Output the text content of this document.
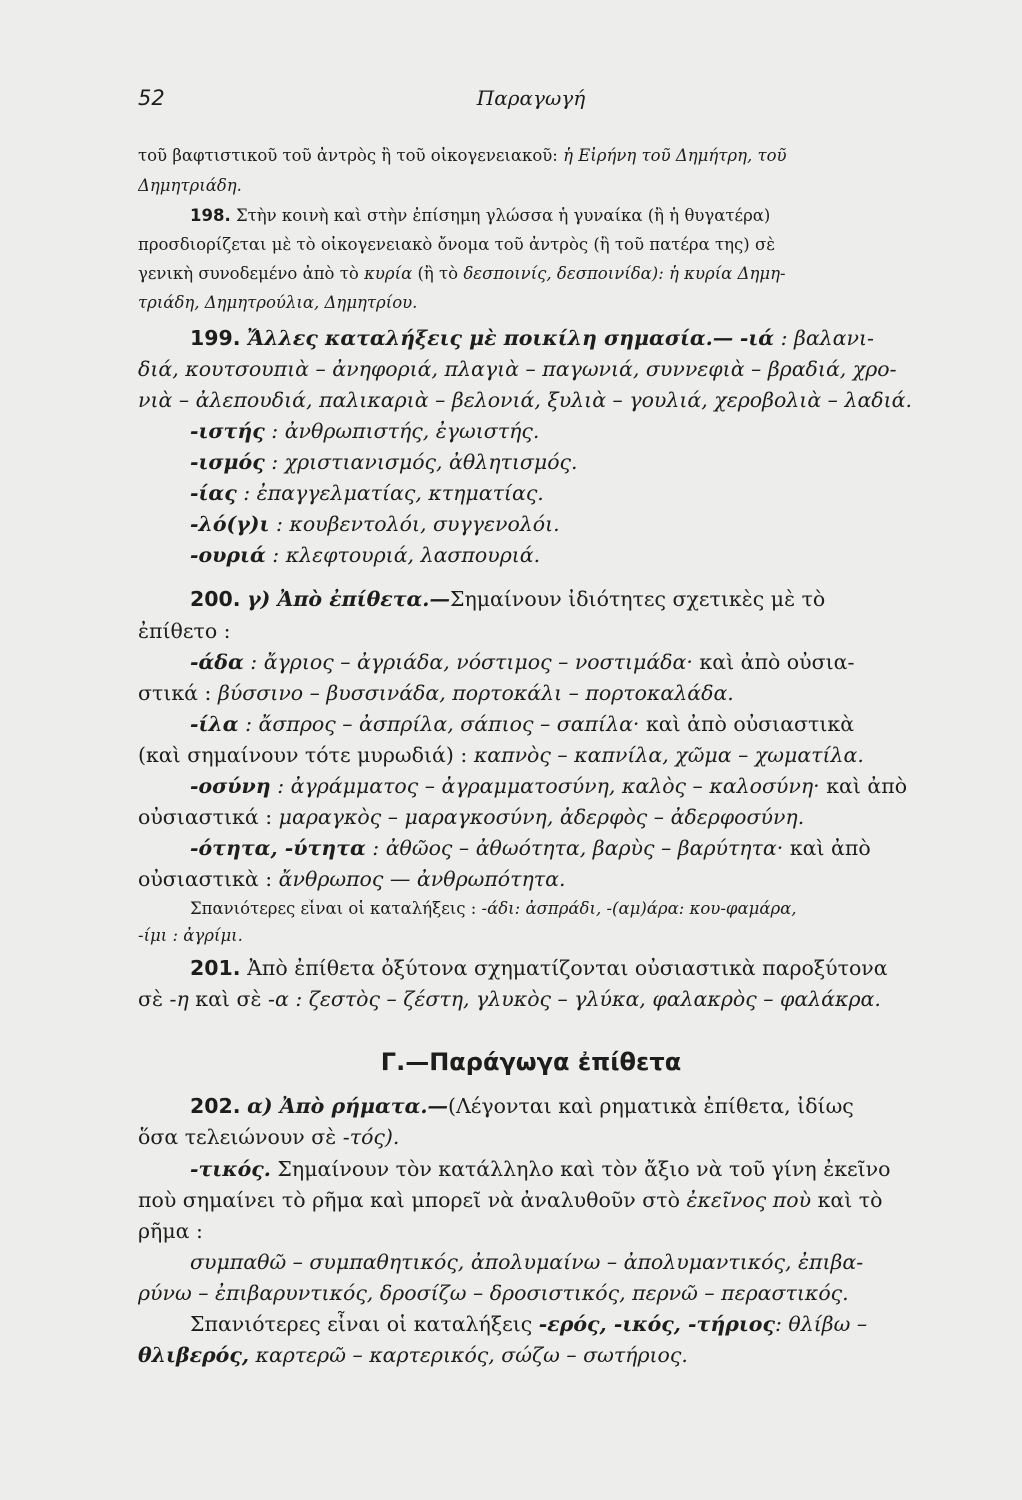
52	Παραγωγή
τοῦ βαφτιστικοῦ τοῦ ἀντρὸς ἢ τοῦ οἰκογενειακοῦ: ἡ Εἰρήνη τοῦ Δημήτρη, τοῦ
Δημητριάδη.
198. Στὴν κοινὴ καὶ στὴν ἐπίσημη γλώσσα ἡ γυναίκα (ἢ ἡ θυγατέρα)
προσδιορίζεται μὲ τὸ οἰκογενειακὸ ὄνομα τοῦ ἀντρὸς (ἢ τοῦ πατέρα της) σὲ
γενικὴ συνοδεμένο ἀπὸ τὸ κυρία (ἢ τὸ δεσποινίς, δεσποινίδα): ἡ κυρία Δημη-
τριάδη, Δημητρούλια, Δημητρίου.
199. Ἄλλες καταλήξεις μὲ ποικίλη σημασία.— -ιά : βαλανι-
διά, κουτσουπιὰ – ἀνηφοριά, πλαγιὰ – παγωνιά, συννεφιὰ – βραδιά, χρο-
νιὰ – ἀλεπουδιά, παλικαριὰ – βελονιά, ξυλιὰ – γουλιά, χεροβολιὰ – λαδιά.
-ιστής : ἀνθρωπιστής, ἐγωιστής.
-ισμός : χριστιανισμός, ἀθλητισμός.
-ίας : ἐπαγγελματίας, κτηματίας.
-λό(γ)ι : κουβεντολόι, συγγενολόι.
-ουριά : κλεφτουριά, λασπουριά.
200. γ) Ἀπὸ ἐπίθετα.—Σημαίνουν ἰδιότητες σχετικὲς μὲ τὸ
ἐπίθετο :
-άδα : ἄγριος – ἀγριάδα, νόστιμος – νοστιμάδα· καὶ ἀπὸ οὐσια-
στικά : βύσσινο – βυσσινάδα, πορτοκάλι – πορτοκαλάδα.
-ίλα : ἄσπρος – ἀσπρίλα, σάπιος – σαπίλα· καὶ ἀπὸ οὐσιαστικὰ
(καὶ σημαίνουν τότε μυρωδιά) : καπνὸς – καπνίλα, χῶμα – χωματίλα.
-οσύνη : ἀγράμματος – ἀγραμματοσύνη, καλὸς – καλοσύνη· καὶ ἀπὸ
οὐσιαστικά : μαραγκὸς – μαραγκοσύνη, ἀδερφὸς – ἀδερφοσύνη.
-ότητα, -ύτητα : ἀθῶος – ἀθωότητα, βαρὺς – βαρύτητα· καὶ ἀπὸ
οὐσιαστικὰ : ἄνθρωπος — ἀνθρωπότητα.
Σπανιότερες εἶναι οἱ καταλήξεις : -άδι: ἀσπράδι, -(αμ)άρα: κου-φαμάρα,
-ίμι : ἀγρίμι.
201. Ἀπὸ ἐπίθετα ὀξύτονα σχηματίζονται οὐσιαστικὰ παροξύτονα
σὲ -η καὶ σὲ -α : ζεστὸς – ζέστη, γλυκὸς – γλύκα, φαλακρὸς – φαλάκρα.
Γ.—Παράγωγα ἐπίθετα
202. α) Ἀπὸ ρήματα.—(Λέγονται καὶ ρηματικὰ ἐπίθετα, ἰδίως
ὅσα τελειώνουν σὲ -τός).
-τικός. Σημαίνουν τὸν κατάλληλο καὶ τὸν ἄξιο νὰ τοῦ γίνη ἐκεῖνο
ποὺ σημαίνει τὸ ρῆμα καὶ μπορεῖ νὰ ἀναλυθοῦν στὸ ἐκεῖνος ποὺ καὶ τὸ
ρῆμα :
συμπαθῶ – συμπαθητικός, ἀπολυμαίνω – ἀπολυμαντικός, ἐπιβα-
ρύνω – ἐπιβαρυντικός, δροσίζω – δροσιστικός, περνῶ – περαστικός.
Σπανιότερες εἶναι οἱ καταλήξεις -ερός, -ικός, -τήριος: θλίβω –
θλιβερός, καρτερῶ – καρτερικός, σώζω – σωτήριος.
